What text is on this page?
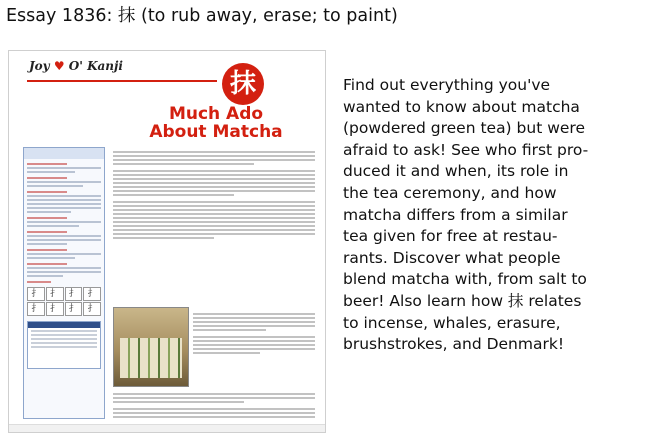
Essay 1836: 抹 (to rub away, erase; to paint)
Joy ♥ O' Kanji
抹
Much Ado
About Matcha

扌	扌	扌	扌
扌	扌	扌	扌
Find out everything you've
wanted to know about matcha
(powdered green tea) but were
afraid to ask! See who first pro-
duced it and when, its role in
the tea ceremony, and how
matcha differs from a similar
tea given for free at restau-
rants. Discover what people
blend matcha with, from salt to
beer! Also learn how 抹 relates
to incense, whales, erasure,
brushstrokes, and Denmark!
